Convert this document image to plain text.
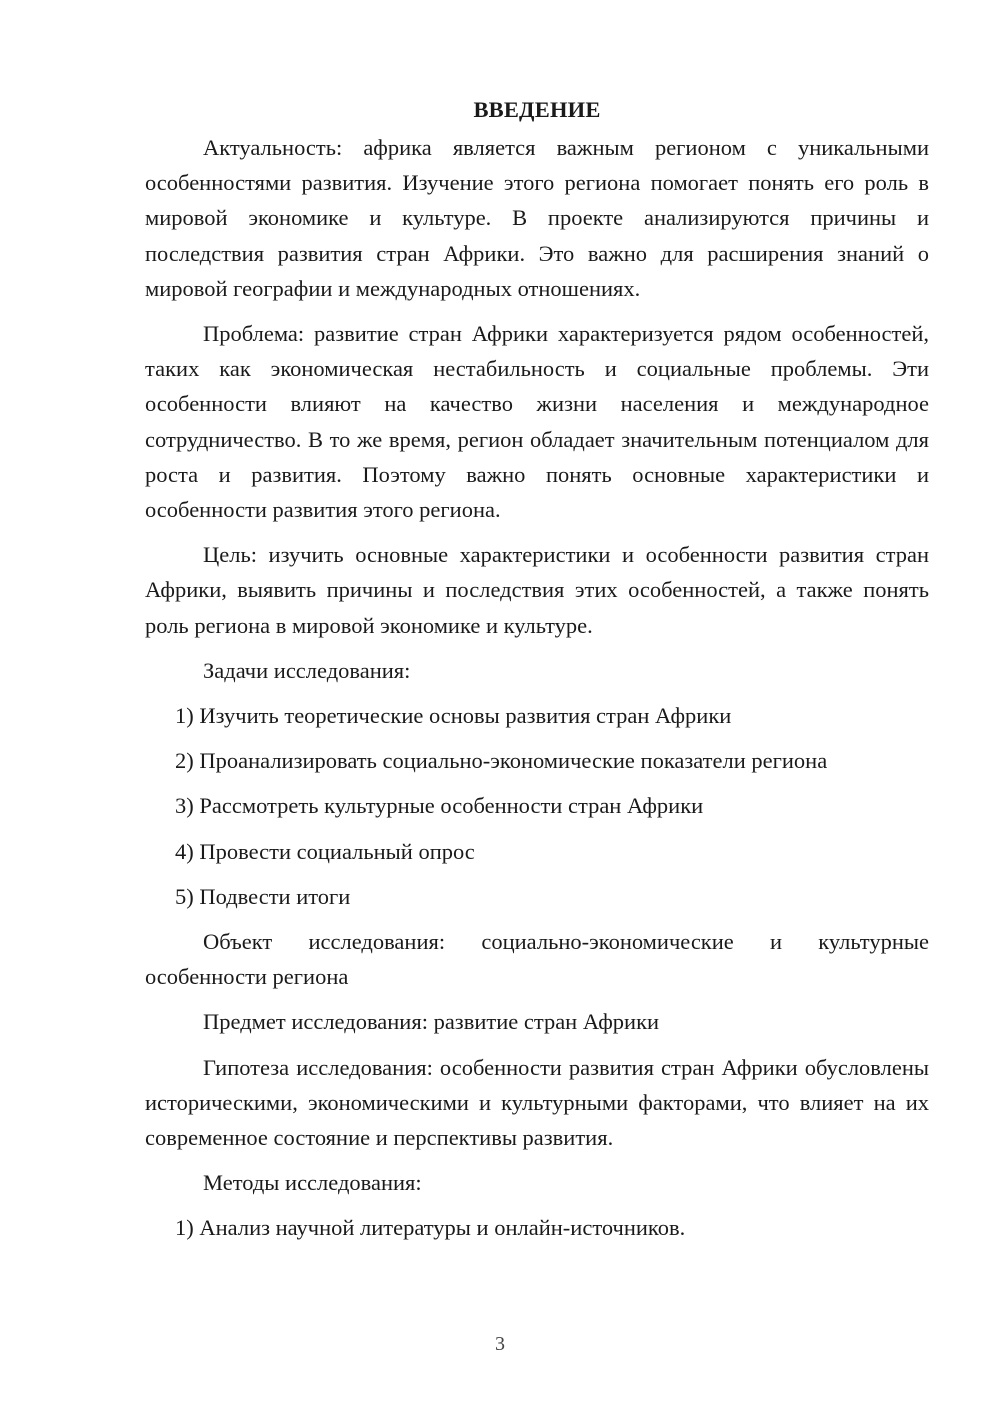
ВВЕДЕНИЕ

Актуальность: африка является важным регионом с уникальными особенностями развития. Изучение этого региона помогает понять его роль в мировой экономике и культуре. В проекте анализируются причины и последствия развития стран Африки. Это важно для расширения знаний о мировой географии и международных отношениях.

Проблема: развитие стран Африки характеризуется рядом особенностей, таких как экономическая нестабильность и социальные проблемы. Эти особенности влияют на качество жизни населения и международное сотрудничество. В то же время, регион обладает значительным потенциалом для роста и развития. Поэтому важно понять основные характеристики и особенности развития этого региона.

Цель: изучить основные характеристики и особенности развития стран Африки, выявить причины и последствия этих особенностей, а также понять роль региона в мировой экономике и культуре.

Задачи исследования:

1) Изучить теоретические основы развития стран Африки
2) Проанализировать социально-экономические показатели региона
3) Рассмотреть культурные особенности стран Африки
4) Провести социальный опрос
5) Подвести итоги

Объект исследования: социально-экономические и культурные особенности региона

Предмет исследования: развитие стран Африки

Гипотеза исследования: особенности развития стран Африки обусловлены историческими, экономическими и культурными факторами, что влияет на их современное состояние и перспективы развития.

Методы исследования:

1) Анализ научной литературы и онлайн-источников.
3
